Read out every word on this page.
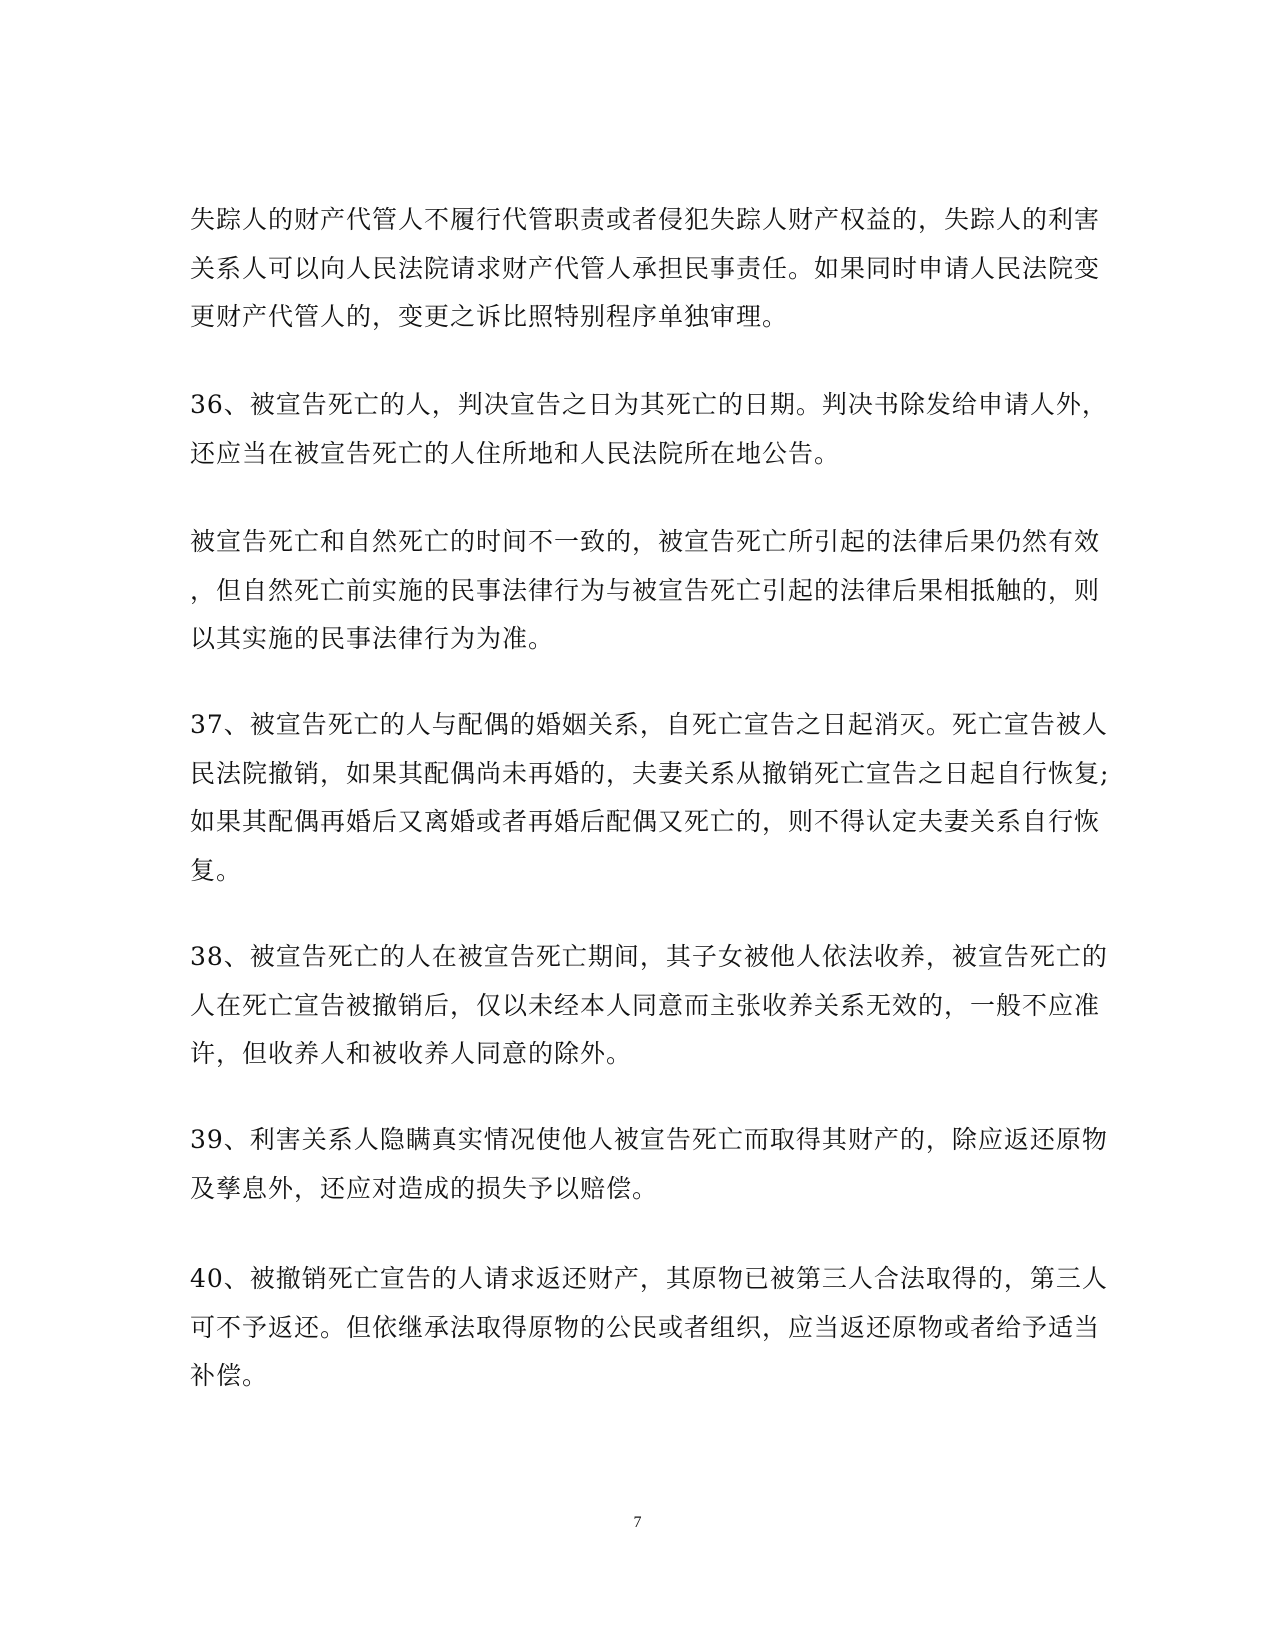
失踪人的财产代管人不履行代管职责或者侵犯失踪人财产权益的，失踪人的利害
关系人可以向人民法院请求财产代管人承担民事责任。如果同时申请人民法院变
更财产代管人的，变更之诉比照特别程序单独审理。

36、被宣告死亡的人，判决宣告之日为其死亡的日期。判决书除发给申请人外，
还应当在被宣告死亡的人住所地和人民法院所在地公告。

被宣告死亡和自然死亡的时间不一致的，被宣告死亡所引起的法律后果仍然有效
，但自然死亡前实施的民事法律行为与被宣告死亡引起的法律后果相抵触的，则
以其实施的民事法律行为为准。

37、被宣告死亡的人与配偶的婚姻关系，自死亡宣告之日起消灭。死亡宣告被人
民法院撤销，如果其配偶尚未再婚的，夫妻关系从撤销死亡宣告之日起自行恢复;
如果其配偶再婚后又离婚或者再婚后配偶又死亡的，则不得认定夫妻关系自行恢
复。

38、被宣告死亡的人在被宣告死亡期间，其子女被他人依法收养，被宣告死亡的
人在死亡宣告被撤销后，仅以未经本人同意而主张收养关系无效的，一般不应准
许，但收养人和被收养人同意的除外。

39、利害关系人隐瞒真实情况使他人被宣告死亡而取得其财产的，除应返还原物
及孳息外，还应对造成的损失予以赔偿。

40、被撤销死亡宣告的人请求返还财产，其原物已被第三人合法取得的，第三人
可不予返还。但依继承法取得原物的公民或者组织，应当返还原物或者给予适当
补偿。

7
